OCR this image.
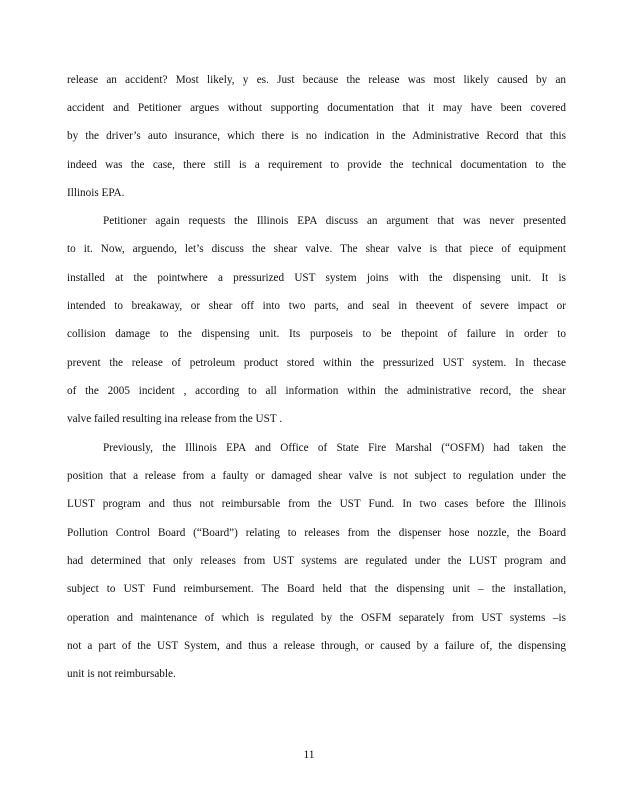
release an accident? Most likely, y es. Just because the release was most likely caused by an
accident and Petitioner argues without supporting documentation that it may have been covered
by the driver’s auto insurance, which there is no indication in the Administrative Record that this
indeed was the case, there still is a requirement to provide the technical documentation to the
Illinois EPA.
Petitioner again requests the Illinois EPA discuss an argument that was never presented
to it. Now, arguendo, let’s discuss the shear valve. The shear valve is that piece of equipment
installed at the pointwhere a pressurized UST system joins with the dispensing unit. It is
intended to breakaway, or shear off into two parts, and seal in theevent of severe impact or
collision damage to the dispensing unit. Its purposeis to be thepoint of failure in order to
prevent the release of petroleum product stored within the pressurized UST system. In thecase
of the 2005 incident , according to all information within the administrative record, the shear
valve failed resulting ina release from the UST .
Previously, the Illinois EPA and Office of State Fire Marshal (“OSFM) had taken the
position that a release from a faulty or damaged shear valve is not subject to regulation under the
LUST program and thus not reimbursable from the UST Fund. In two cases before the Illinois
Pollution Control Board (“Board”) relating to releases from the dispenser hose nozzle, the Board
had determined that only releases from UST systems are regulated under the LUST program and
subject to UST Fund reimbursement. The Board held that the dispensing unit – the installation,
operation and maintenance of which is regulated by the OSFM separately from UST systems –is
not a part of the UST System, and thus a release through, or caused by a failure of, the dispensing
unit is not reimbursable.
11
